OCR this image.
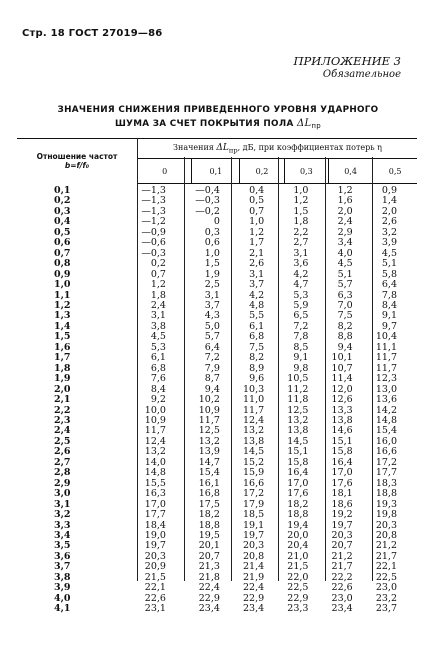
Стр. 18 ГОСТ 27019—86
ПРИЛОЖЕНИЕ 3
Обязательное
ЗНАЧЕНИЯ СНИЖЕНИЯ ПРИВЕДЕННОГО УРОВНЯ УДАРНОГО
ШУМА ЗА СЧЕТ ПОКРЫТИЯ ПОЛА $\Delta L_{пр}$
Отношение частот
b=f/f₀	Значения $\Delta L_{пр}$, дБ, при коэффициентах потерь η					
	0	0,1	0,2	0,3	0,4	0,5
0,1	—1,3	—0,4	0,4	1,0	1,2	0,9
0,2	—1,3	—0,3	0,5	1,2	1,6	1,4
0,3	—1,3	—0,2	0,7	1,5	2,0	2,0
0,4	—1,2	0	1,0	1,8	2,4	2,6
0,5	—0,9	0,3	1,2	2,2	2,9	3,2
0,6	—0,6	0,6	1,7	2,7	3,4	3,9
0,7	—0,3	1,0	2,1	3,1	4,0	4,5
0,8	0,2	1,5	2,6	3,6	4,5	5,1
0,9	0,7	1,9	3,1	4,2	5,1	5,8
1,0	1,2	2,5	3,7	4,7	5,7	6,4
1,1	1,8	3,1	4,2	5,3	6,3	7,8
1,2	2,4	3,7	4,8	5,9	7,0	8,4
1,3	3,1	4,3	5,5	6,5	7,5	9,1
1,4	3,8	5,0	6,1	7,2	8,2	9,7
1,5	4,5	5,7	6,8	7,8	8,8	10,4
1,6	5,3	6,4	7,5	8,5	9,4	11,1
1,7	6,1	7,2	8,2	9,1	10,1	11,7
1,8	6,8	7,9	8,9	9,8	10,7	11,7
1,9	7,6	8,7	9,6	10,5	11,4	12,3
2,0	8,4	9,4	10,3	11,2	12,0	13,0
2,1	9,2	10,2	11,0	11,8	12,6	13,6
2,2	10,0	10,9	11,7	12,5	13,3	14,2
2,3	10,9	11,7	12,4	13,2	13,8	14,8
2,4	11,7	12,5	13,2	13,8	14,6	15,4
2,5	12,4	13,2	13,8	14,5	15,1	16,0
2,6	13,2	13,9	14,5	15,1	15,8	16,6
2,7	14,0	14,7	15,2	15,8	16,4	17,2
2,8	14,8	15,4	15,9	16,4	17,0	17,7
2,9	15,5	16,1	16,6	17,0	17,6	18,3
3,0	16,3	16,8	17,2	17,6	18,1	18,8
3,1	17,0	17,5	17,9	18,2	18,6	19,3
3,2	17,7	18,2	18,5	18,8	19,2	19,8
3,3	18,4	18,8	19,1	19,4	19,7	20,3
3,4	19,0	19,5	19,7	20,0	20,3	20,8
3,5	19,7	20,1	20,3	20,4	20,7	21,2
3,6	20,3	20,7	20,8	21,0	21,2	21,7
3,7	20,9	21,3	21,4	21,5	21,7	22,1
3,8	21,5	21,8	21,9	22,0	22,2	22,5
3,9	22,1	22,4	22,4	22,5	22,6	23,0
4,0	22,6	22,9	22,9	22,9	23,0	23,2
4,1	23,1	23,4	23,4	23,3	23,4	23,7
